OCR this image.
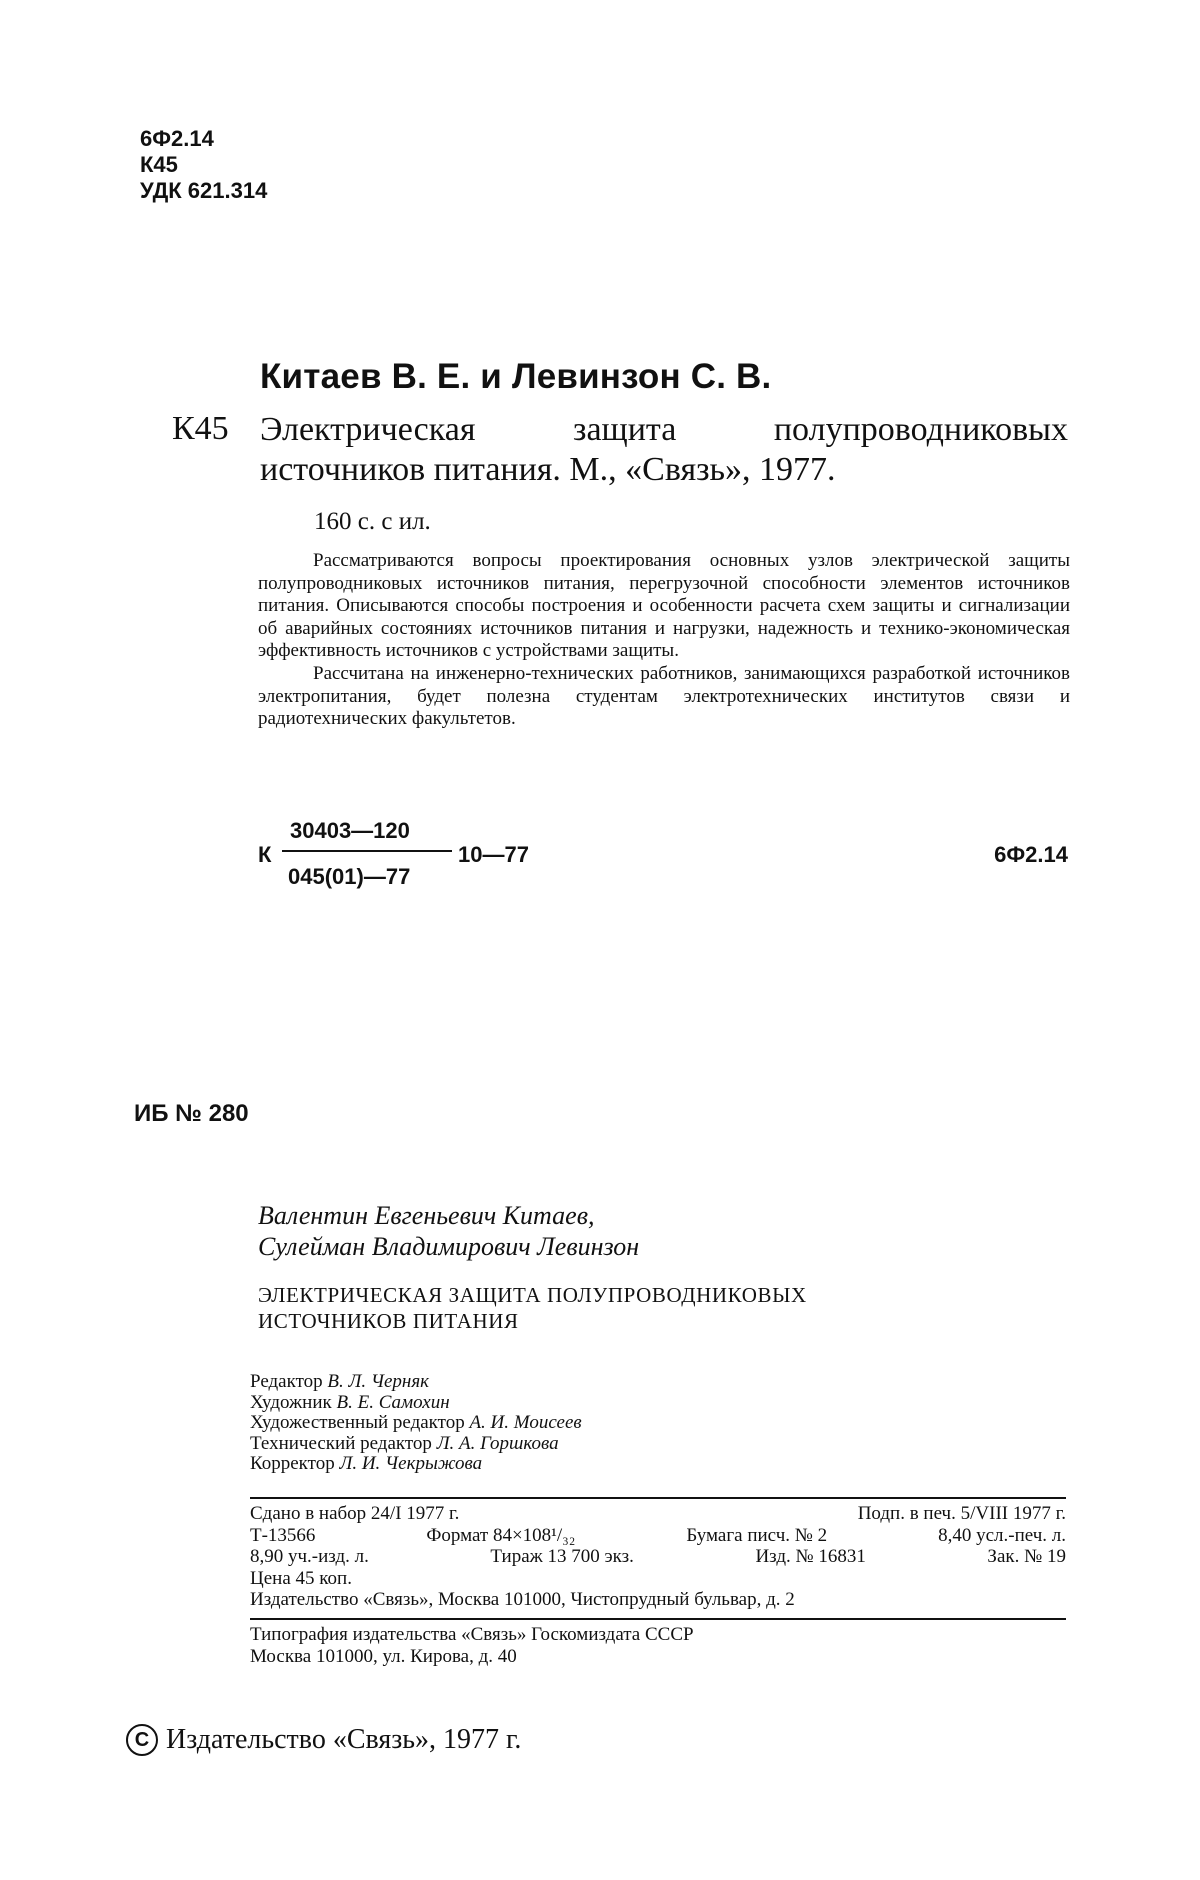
6Ф2.14
К45
УДК 621.314
Китаев В. Е. и Левинзон С. В.
К45 Электрическая	защита	полупроводниковых
источников питания. М., «Связь», 1977.
160 с. с ил.

Рассматриваются вопросы проектирования основных узлов электрической защиты полупроводниковых источников питания, перегрузочной способности элементов источников питания. Описываются способы построения и особенности расчета схем защиты и сигнализации об аварийных состояниях источников питания и нагрузки, надежность и технико-экономическая эффективность источников с устройствами защиты.

Рассчитана на инженерно-технических работников, занимающихся разработкой источников электропитания, будет полезна студентам электротехнических институтов связи и радиотехнических факультетов.

К
30403—120
045(01)—77
10—77	6Ф2.14
ИБ № 280
Валентин Евгеньевич Китаев,
Сулейман Владимирович Левинзон
ЭЛЕКТРИЧЕСКАЯ ЗАЩИТА ПОЛУПРОВОДНИКОВЫХ
ИСТОЧНИКОВ ПИТАНИЯ
Редактор В. Л. Черняк
Художник В. Е. Самохин
Художественный редактор А. И. Моисеев
Технический редактор Л. А. Горшкова
Корректор Л. И. Чекрыжова
Сдано в набор 24/I 1977 г.	Подп. в печ. 5/VIII 1977 г.
Т-13566	Формат 84×108¹/₃₂	Бумага писч. № 2	8,40 усл.-печ. л.
8,90 уч.-изд. л.	Тираж 13 700 экз.	Изд. № 16831	Зак. № 19
Цена 45 коп.
Издательство «Связь», Москва 101000, Чистопрудный бульвар, д. 2
Типография издательства «Связь» Госкомиздата СССР
Москва 101000, ул. Кирова, д. 40
C Издательство «Связь», 1977 г.
